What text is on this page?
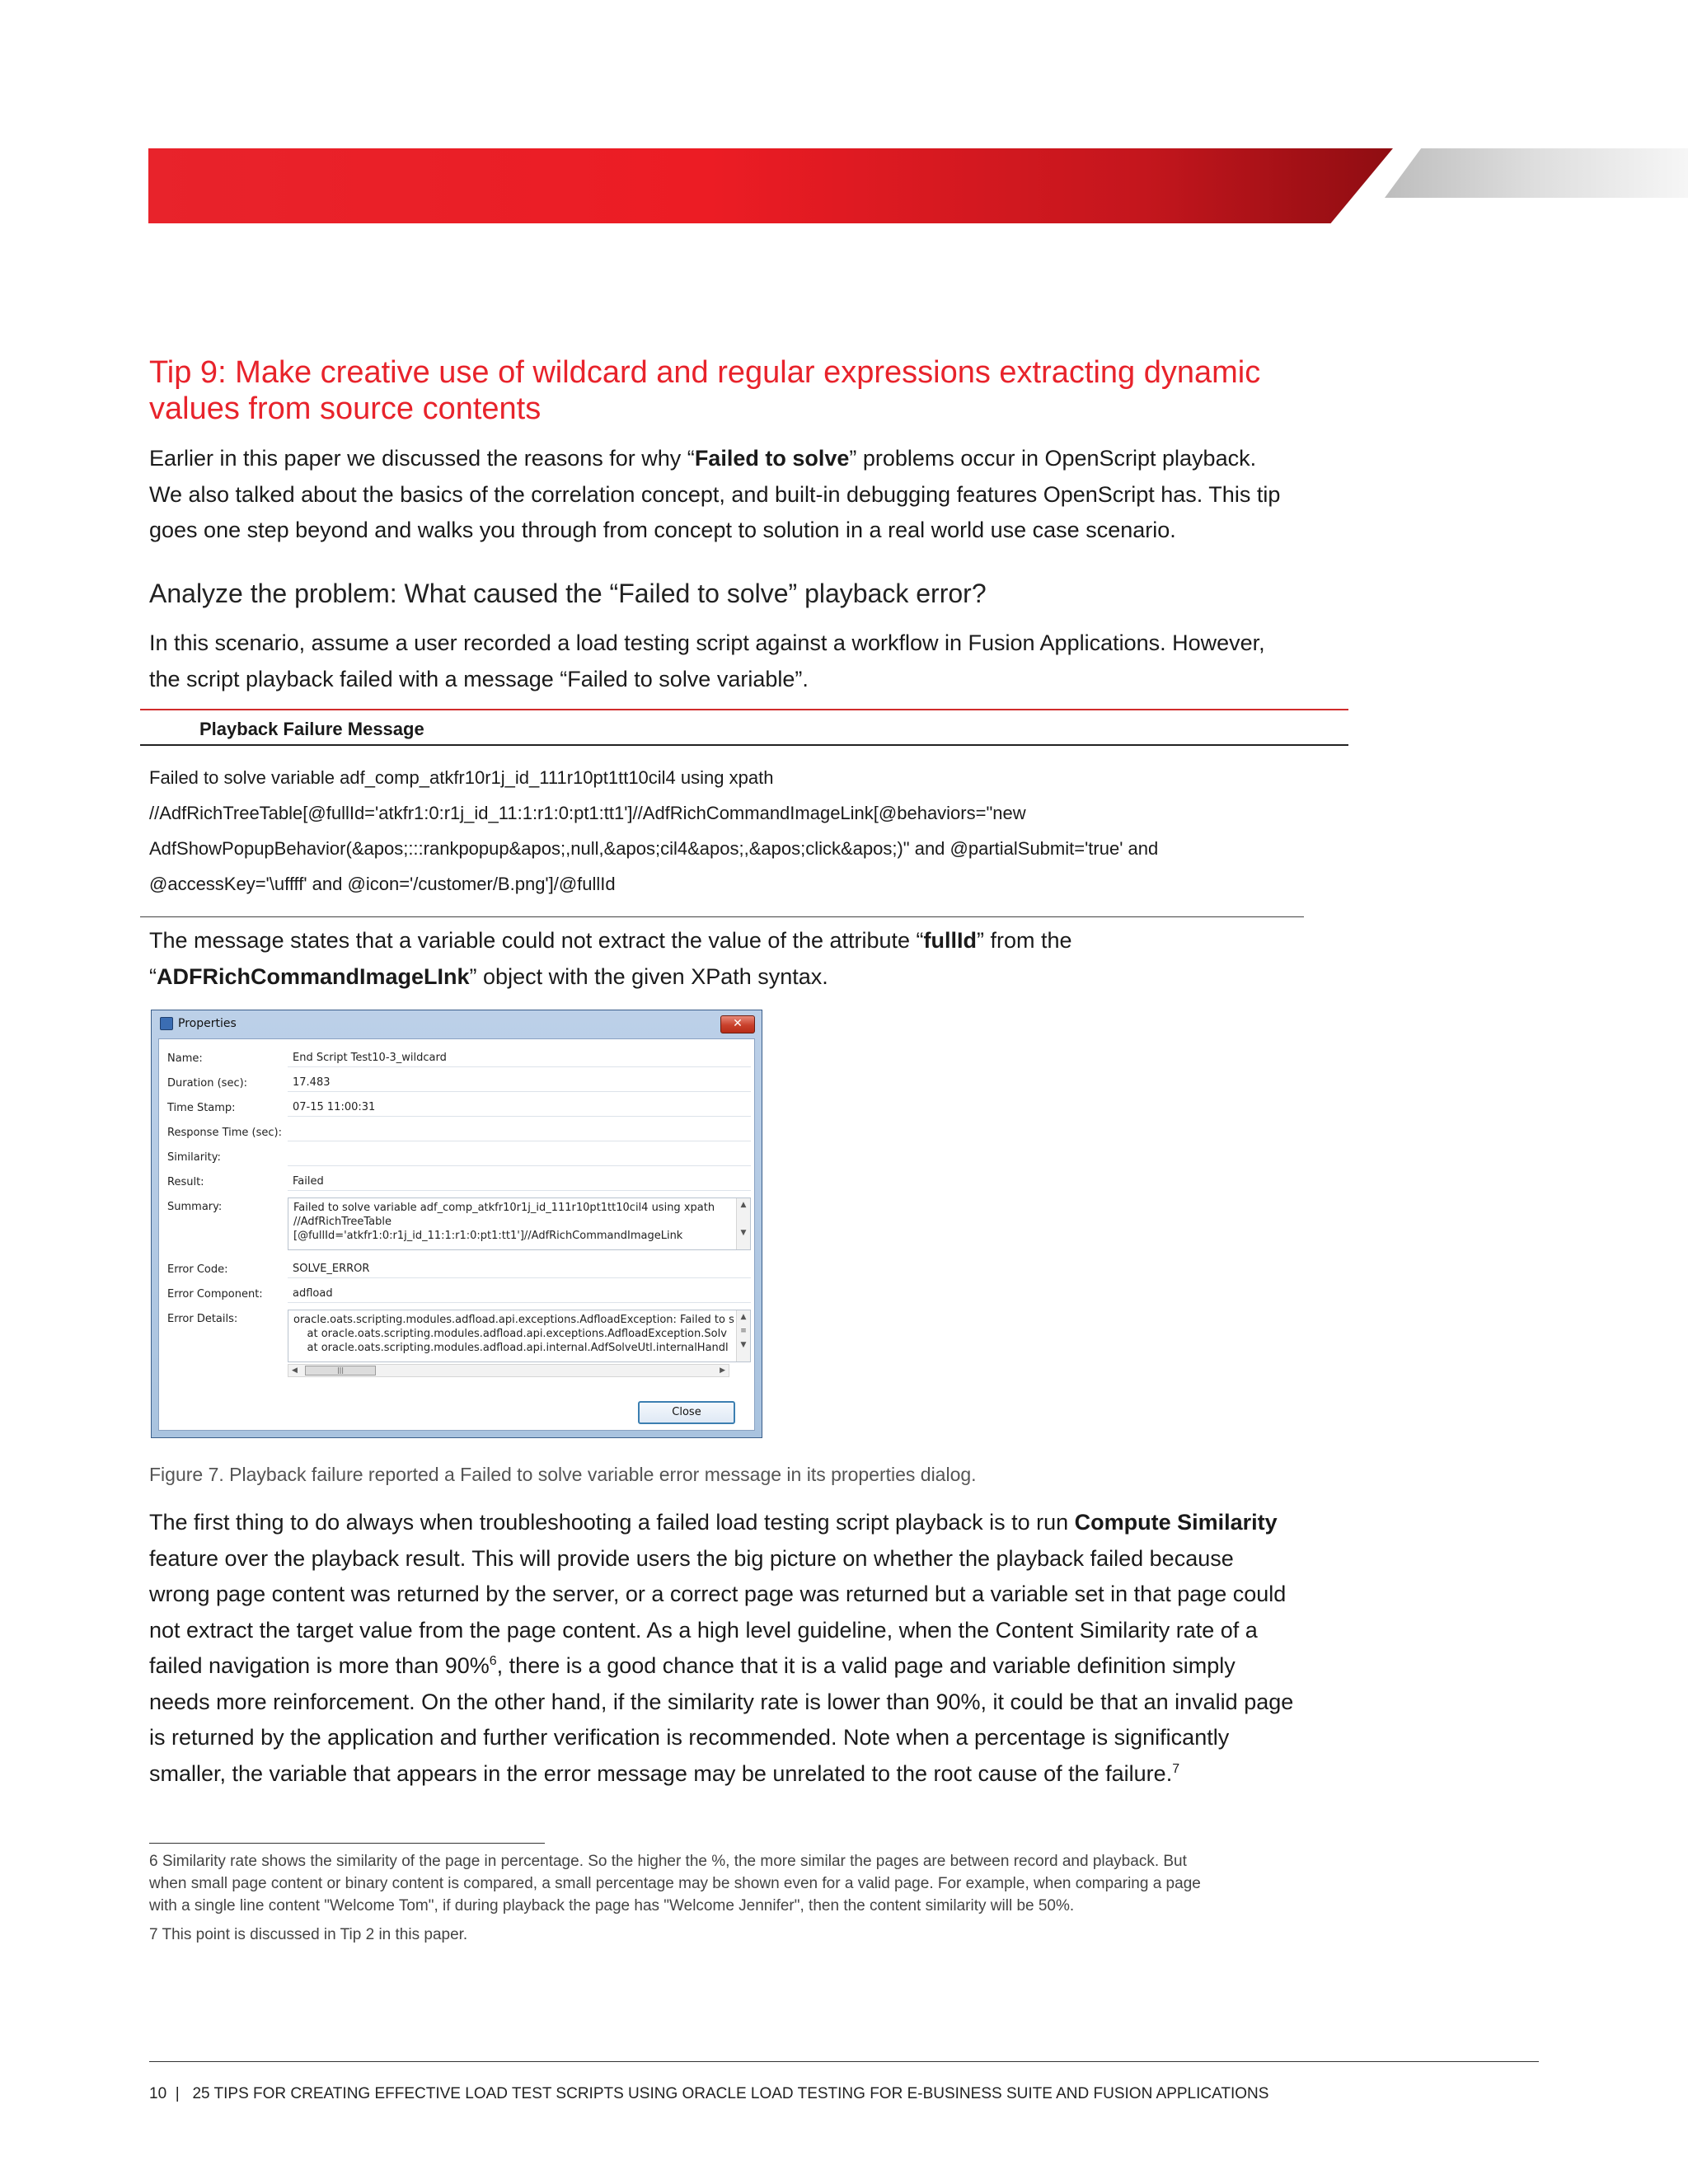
Tip 9: Make creative use of wildcard and regular expressions extracting dynamic
values from source contents
Earlier in this paper we discussed the reasons for why “Failed to solve” problems occur in OpenScript playback.
We also talked about the basics of the correlation concept, and built-in debugging features OpenScript has. This tip
goes one step beyond and walks you through from concept to solution in a real world use case scenario.
Analyze the problem: What caused the “Failed to solve” playback error?
In this scenario, assume a user recorded a load testing script against a workflow in Fusion Applications. However,
the script playback failed with a message “Failed to solve variable”.
Playback Failure Message
Failed to solve variable adf_comp_atkfr10r1j_id_111r10pt1tt10cil4 using xpath
//AdfRichTreeTable[@fullId='atkfr1:0:r1j_id_11:1:r1:0:pt1:tt1']//AdfRichCommandImageLink[@behaviors="new
AdfShowPopupBehavior(&apos;:::rankpopup&apos;,null,&apos;cil4&apos;,&apos;click&apos;)" and @partialSubmit='true' and
@accessKey='\uffff' and @icon='/customer/B.png']/@fullId
The message states that a variable could not extract the value of the attribute “fullId” from the
“ADFRichCommandImageLInk” object with the given XPath syntax.
Properties	✕
Name:	End Script Test10-3_wildcard
Duration (sec):	17.483
Time Stamp:	07-15 11:00:31
Response Time (sec):
Similarity:
Result:	Failed
Summary:	Failed to solve variable adf_comp_atkfr10r1j_id_111r10pt1tt10cil4 using xpath
//AdfRichTreeTable
[@fullId='atkfr1:0:r1j_id_11:1:r1:0:pt1:tt1']//AdfRichCommandImageLink
▲

▼
Error Code:	SOLVE_ERROR
Error Component:	adfload
Error Details:	oracle.oats.scripting.modules.adfload.api.exceptions.AdfloadException: Failed to s
at oracle.oats.scripting.modules.adfload.api.exceptions.AdfloadException.Solv
at oracle.oats.scripting.modules.adfload.api.internal.AdfSolveUtl.internalHandl
▲
≡
▼
◀	|||	▶
Close
Figure 7. Playback failure reported a Failed to solve variable error message in its properties dialog.
The first thing to do always when troubleshooting a failed load testing script playback is to run Compute Similarity
feature over the playback result. This will provide users the big picture on whether the playback failed because
wrong page content was returned by the server, or a correct page was returned but a variable set in that page could
not extract the target value from the page content. As a high level guideline, when the Content Similarity rate of a
failed navigation is more than 90%$^6$, there is a good chance that it is a valid page and variable definition simply
needs more reinforcement. On the other hand, if the similarity rate is lower than 90%, it could be that an invalid page
is returned by the application and further verification is recommended. Note when a percentage is significantly
smaller, the variable that appears in the error message may be unrelated to the root cause of the failure.$^7$
6 Similarity rate shows the similarity of the page in percentage. So the higher the %, the more similar the pages are between record and playback. But
when small page content or binary content is compared, a small percentage may be shown even for a valid page. For example, when comparing a page
with a single line content "Welcome Tom", if during playback the page has "Welcome Jennifer", then the content similarity will be 50%.
7 This point is discussed in Tip 2 in this paper.
10  |   25 TIPS FOR CREATING EFFECTIVE LOAD TEST SCRIPTS USING ORACLE LOAD TESTING FOR E-BUSINESS SUITE AND FUSION APPLICATIONS
